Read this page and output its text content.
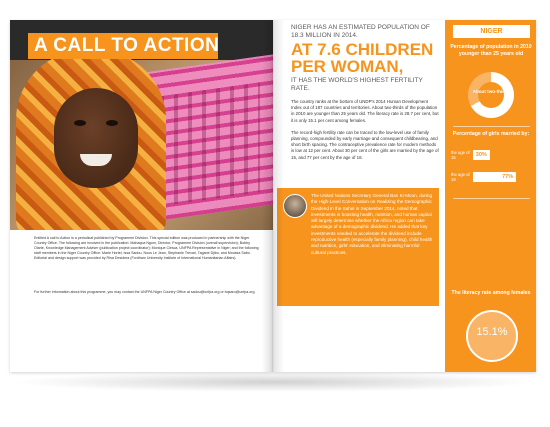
A CALL TO ACTION
Entitled A call to Action is a periodical published by Programme Division. This special edition was produced in partnership with the Niger Country Office. The following are involved in the publication: Mahaqua Ngom, Director, Programme Division (overall supervision); Bobby Olarte, Knowledge Management Adviser (publication project coordinator); Monique Clesca, UNFPA Representative in Niger; and the following staff members in the Niger Country Office: Marie Hortel, Issa Sadou, Nous Le Jean, Stephanie Trevari, Tagane Djibo, and Moussa Sabo. Editorial and design support was provided by Rina Desidera (Fordham University Institute of International Humanitarian Affairs).
For further information about this programme, you may contact the UNFPA Niger Country Office at sadou@unfpa.org or bqsaro@unfpa.org.
NIGER HAS AN ESTIMATED POPULATION OF 18.3 MILLION IN 2014.
AT 7.6 CHILDREN PER WOMAN,
IT HAS THE WORLD'S HIGHEST FERTILITY RATE.
The country ranks at the bottom of UNDP's 2014 Human Development Index out of 187 countries and territories. About two-thirds of the population in 2010 are younger than 25 years old. The literacy rate is 28.7 per cent, but it is only 15.1 per cent among females.
The record-high fertility rate can be traced to the low-level use of family planning, compounded by early marriage and consequent childbearing, and short birth spacing. The contraceptive prevalence rate for modern methods is low at 12 per cent. About 30 per cent of the girls are married by the age of 15, and 77 per cent by the age of 18.
The United Nations Secretary General Ban Ki-Moon, during the High-Level Conversation on Realizing the Demographic Dividend in the Sahel in September 2014, noted that investments in boosting health, nutrition, and human capital will largely determine whether the Africa region can take advantage of a demographic dividend. He added that key investments needed to accelerate the dividend include reproductive health (especially family planning), child health and nutrition, girls' education, and eliminating harmful cultural practices.
NIGER
Percentage of population in 2010 younger than 25 years old
About two-thirds
Percentage of girls married by:
the age of 15	30%
the age of 18	77%
The literacy rate among females
15.1%
